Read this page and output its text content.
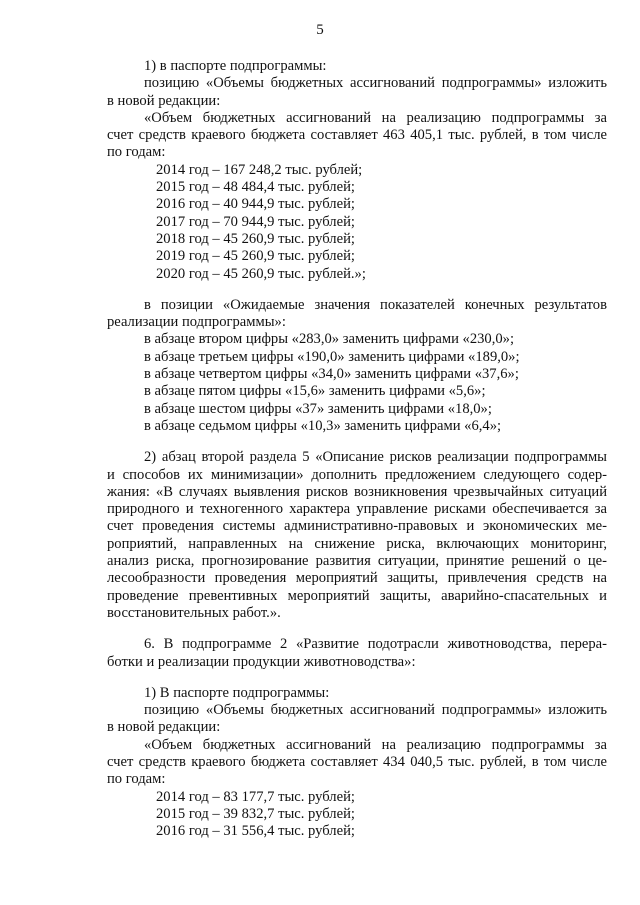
5
1) в паспорте подпрограммы:
позицию «Объемы бюджетных ассигнований подпрограммы» изложить
в новой редакции:
«Объем бюджетных ассигнований на реализацию подпрограммы за
счет средств краевого бюджета составляет 463 405,1 тыс. рублей, в том числе
по годам:
2014 год – 167 248,2 тыс. рублей;
2015 год – 48 484,4 тыс. рублей;
2016 год – 40 944,9 тыс. рублей;
2017 год – 70 944,9 тыс. рублей;
2018 год – 45 260,9 тыс. рублей;
2019 год – 45 260,9 тыс. рублей;
2020 год – 45 260,9 тыс. рублей.»;
в позиции «Ожидаемые значения показателей конечных результатов
реализации подпрограммы»:
в абзаце втором цифры «283,0» заменить цифрами «230,0»;
в абзаце третьем цифры «190,0» заменить цифрами «189,0»;
в абзаце четвертом цифры «34,0» заменить цифрами «37,6»;
в абзаце пятом цифры «15,6» заменить цифрами «5,6»;
в абзаце шестом цифры «37» заменить цифрами «18,0»;
в абзаце седьмом цифры «10,3» заменить цифрами «6,4»;
2) абзац второй раздела 5 «Описание рисков реализации подпрограммы
и способов их минимизации» дополнить предложением следующего содер-
жания: «В случаях выявления рисков возникновения чрезвычайных ситуаций
природного и техногенного характера управление рисками обеспечивается за
счет проведения системы административно-правовых и экономических ме-
роприятий, направленных на снижение риска, включающих мониторинг,
анализ риска, прогнозирование развития ситуации, принятие решений о це-
лесообразности проведения мероприятий защиты, привлечения средств на
проведение превентивных мероприятий защиты, аварийно-спасательных и
восстановительных работ.».
6. В подпрограмме 2 «Развитие подотрасли животноводства, перера-
ботки и реализации продукции животноводства»:
1) В паспорте подпрограммы:
позицию «Объемы бюджетных ассигнований подпрограммы» изложить
в новой редакции:
«Объем бюджетных ассигнований на реализацию подпрограммы за
счет средств краевого бюджета составляет 434 040,5 тыс. рублей, в том числе
по годам:
2014 год – 83 177,7 тыс. рублей;
2015 год – 39 832,7 тыс. рублей;
2016 год – 31 556,4 тыс. рублей;
